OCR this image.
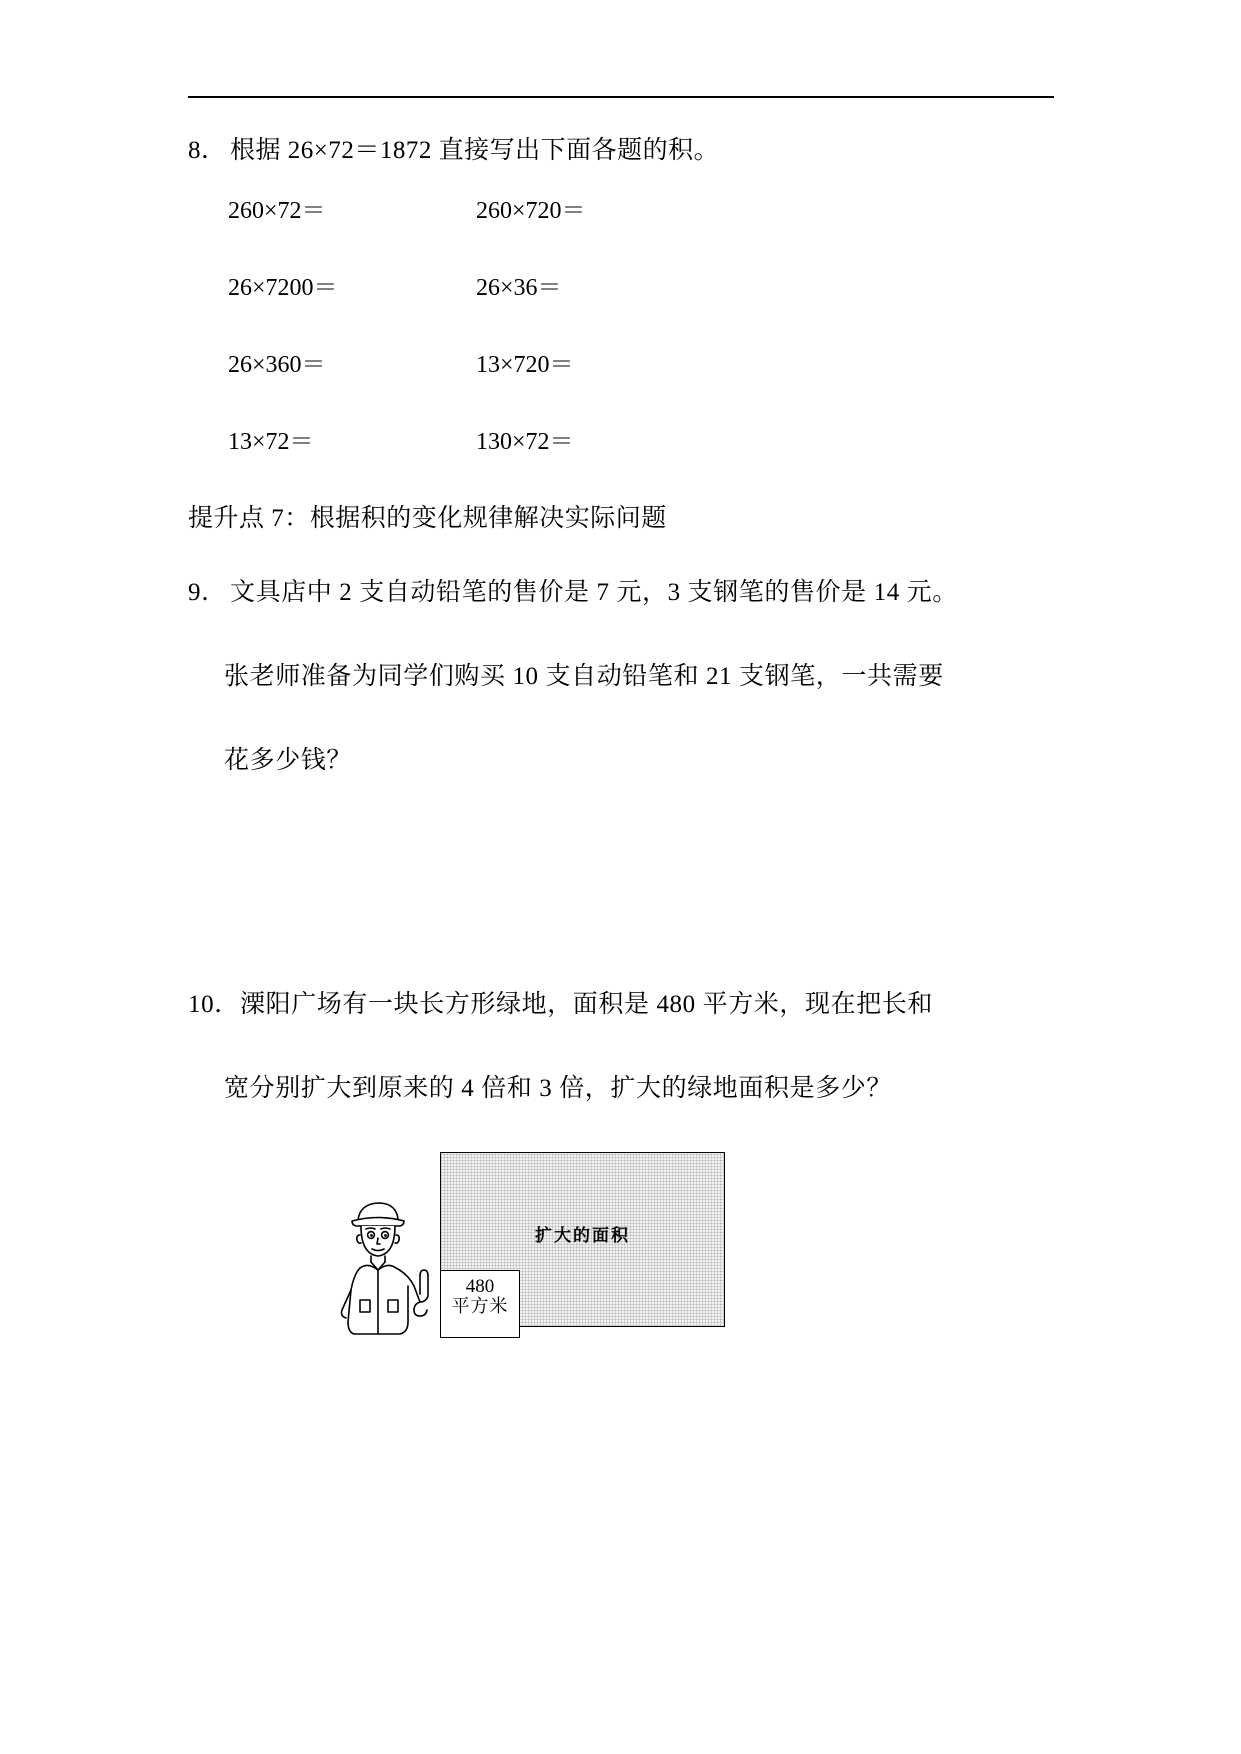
8． 根据 26×72＝1872 直接写出下面各题的积。

260×72＝	260×720＝
26×7200＝	26×36＝
26×360＝	13×720＝
13×72＝	130×72＝
提升点 7：根据积的变化规律解决实际问题

9． 文具店中 2 支自动铅笔的售价是 7 元，3 支钢笔的售价是 14 元。

张老师准备为同学们购买 10 支自动铅笔和 21 支钢笔，一共需要

花多少钱？

10．溧阳广场有一块长方形绿地，面积是 480 平方米，现在把长和

宽分别扩大到原来的 4 倍和 3 倍，扩大的绿地面积是多少？

扩大的面积
480
平方米
